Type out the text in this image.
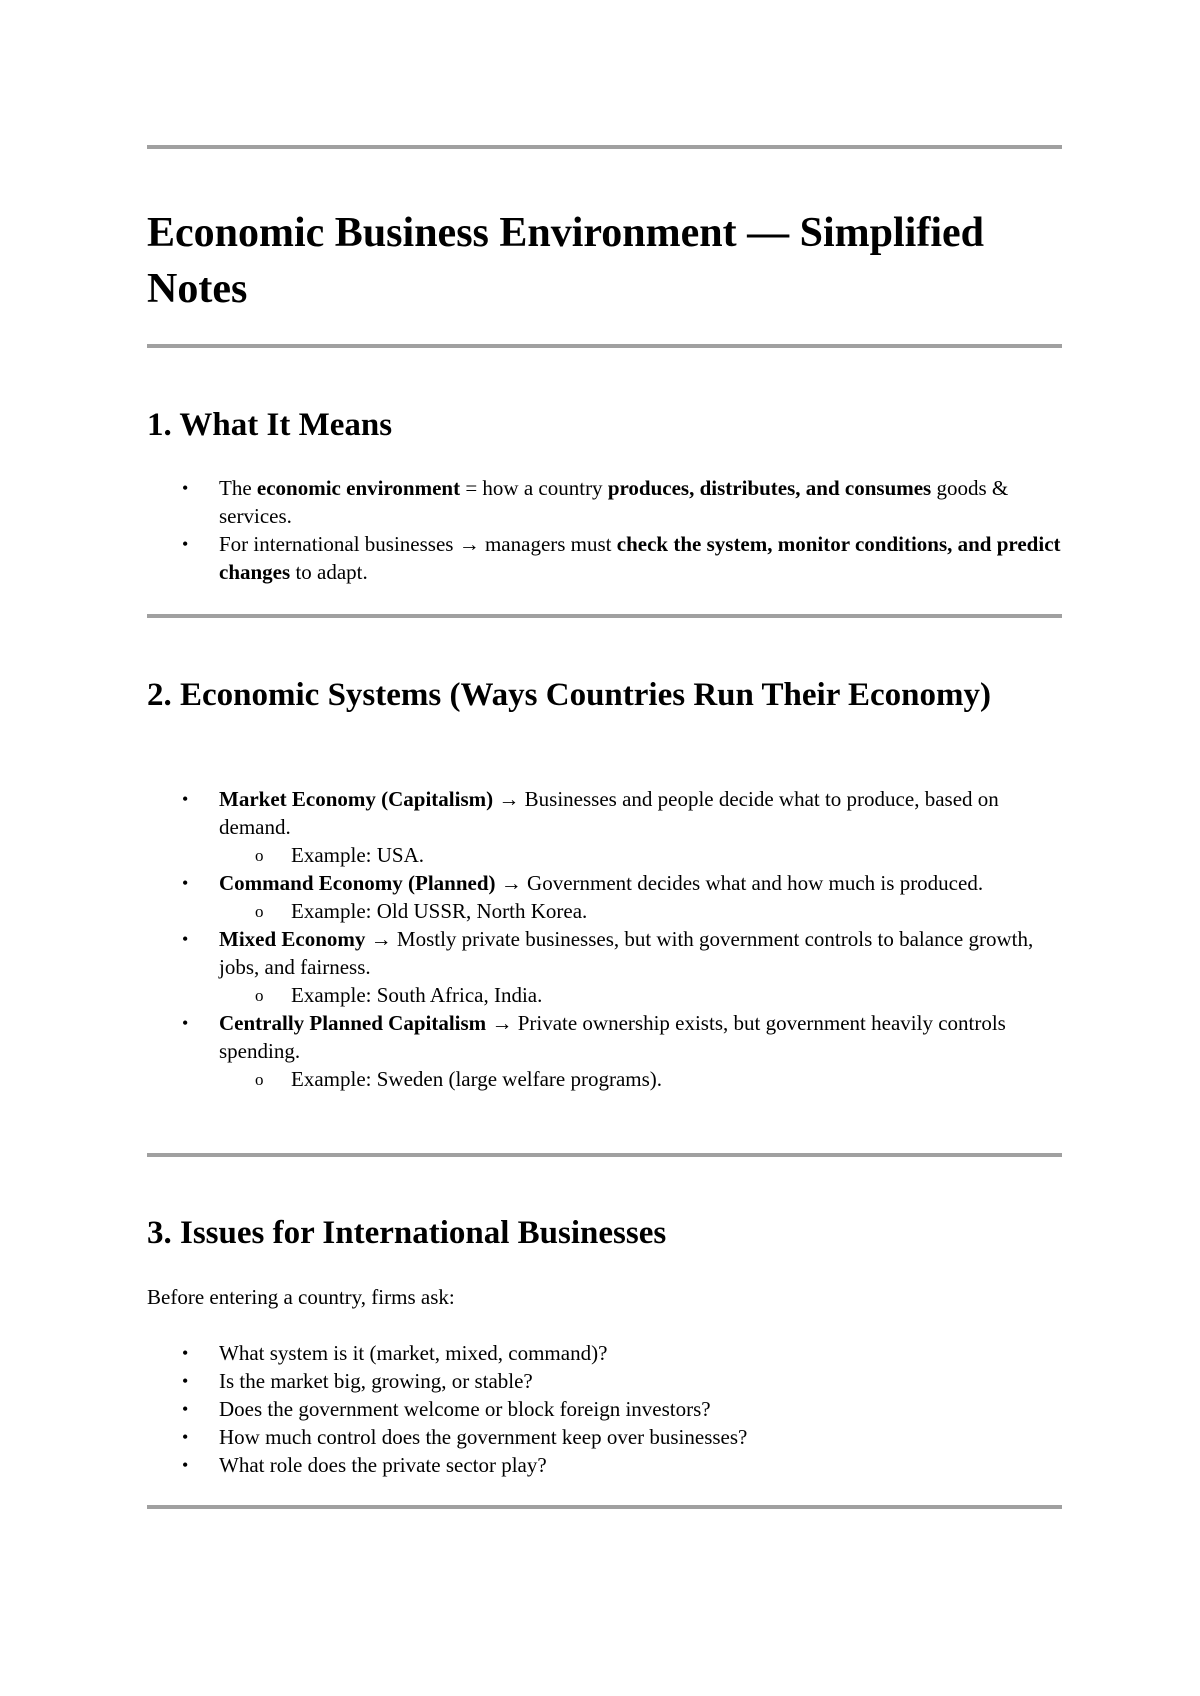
Economic Business Environment — Simplified Notes
1. What It Means
• The economic environment = how a country produces, distributes, and consumes goods & services.
• For international businesses → managers must check the system, monitor conditions, and predict changes to adapt.
2. Economic Systems (Ways Countries Run Their Economy)
• Market Economy (Capitalism) → Businesses and people decide what to produce, based on demand.
o Example: USA.
• Command Economy (Planned) → Government decides what and how much is produced.
o Example: Old USSR, North Korea.
• Mixed Economy → Mostly private businesses, but with government controls to balance growth, jobs, and fairness.
o Example: South Africa, India.
• Centrally Planned Capitalism → Private ownership exists, but government heavily controls spending.
o Example: Sweden (large welfare programs).
3. Issues for International Businesses

Before entering a country, firms ask:

• What system is it (market, mixed, command)?
• Is the market big, growing, or stable?
• Does the government welcome or block foreign investors?
• How much control does the government keep over businesses?
• What role does the private sector play?
